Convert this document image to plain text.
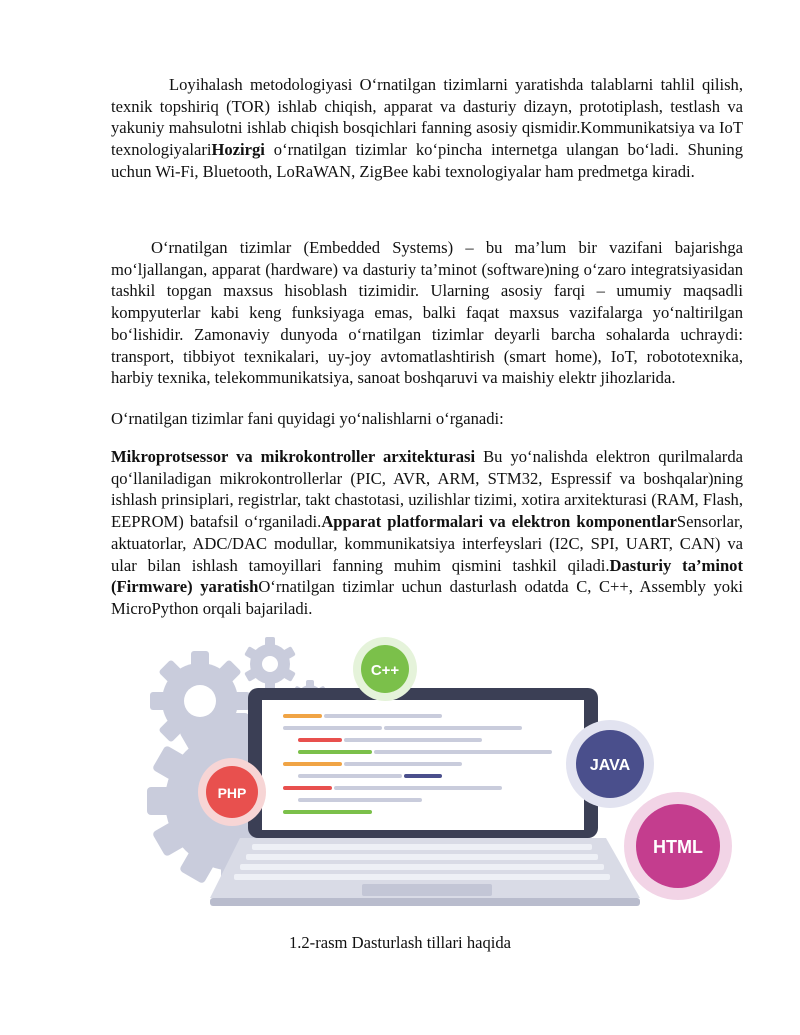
Loyihalash metodologiyasi O‘rnatilgan tizimlarni yaratishda talablarni tahlil qilish, texnik topshiriq (TOR) ishlab chiqish, apparat va dasturiy dizayn, prototiplash, testlash va yakuniy mahsulotni ishlab chiqish bosqichlari fanning asosiy qismidir.Kommunikatsiya va IoT texnologiyalariHozirgi o‘rnatilgan tizimlar ko‘pincha internetga ulangan bo‘ladi. Shuning uchun Wi-Fi, Bluetooth, LoRaWAN, ZigBee kabi texnologiyalar ham predmetga kiradi.

O‘rnatilgan tizimlar (Embedded Systems) – bu ma’lum bir vazifani bajarishga mo‘ljallangan, apparat (hardware) va dasturiy ta’minot (software)ning o‘zaro integratsiyasidan tashkil topgan maxsus hisoblash tizimidir. Ularning asosiy farqi – umumiy maqsadli kompyuterlar kabi keng funksiyaga emas, balki faqat maxsus vazifalarga yo‘naltirilgan bo‘lishidir. Zamonaviy dunyoda o‘rnatilgan tizimlar deyarli barcha sohalarda uchraydi: transport, tibbiyot texnikalari, uy-joy avtomatlashtirish (smart home), IoT, robototexnika, harbiy texnika, telekommunikatsiya, sanoat boshqaruvi va maishiy elektr jihozlarida.

O‘rnatilgan tizimlar fani quyidagi yo‘nalishlarni o‘rganadi:

Mikroprotsessor va mikrokontroller arxitekturasi Bu yo‘nalishda elektron qurilmalarda qo‘llaniladigan mikrokontrollerlar (PIC, AVR, ARM, STM32, Espressif va boshqalar)ning ishlash prinsiplari, registrlar, takt chastotasi, uzilishlar tizimi, xotira arxitekturasi (RAM, Flash, EEPROM) batafsil o‘rganiladi.Apparat platformalari va elektron komponentlarSensorlar, aktuatorlar, ADC/DAC modullar, kommunikatsiya interfeyslari (I2C, SPI, UART, CAN) va ular bilan ishlash tamoyillari fanning muhim qismini tashkil qiladi.Dasturiy ta’minot (Firmware) yaratishO‘rnatilgan tizimlar uchun dasturlash odatda C, C++, Assembly yoki MicroPython orqali bajariladi.

C++
JAVA
PHP
HTML
1.2-rasm Dasturlash tillari haqida
